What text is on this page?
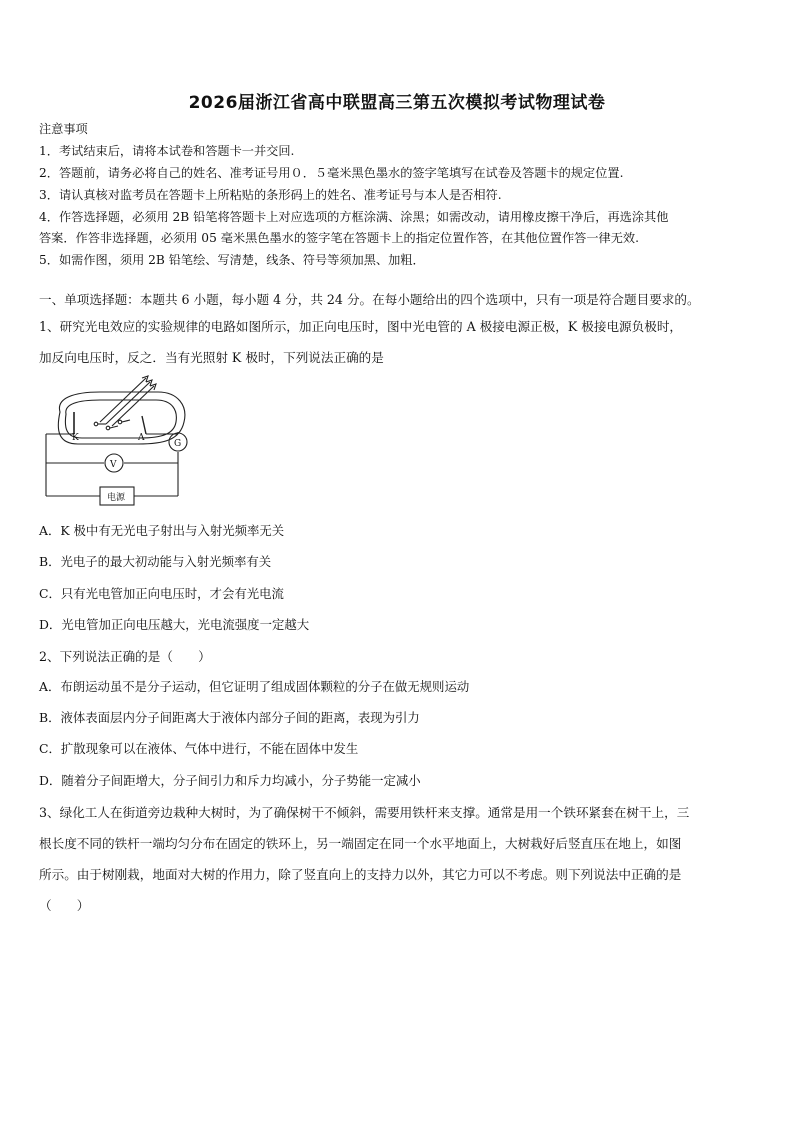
2026届浙江省高中联盟高三第五次模拟考试物理试卷
注意事项
1．考试结束后，请将本试卷和答题卡一并交回.
2．答题前，请务必将自己的姓名、准考证号用０．５毫米黑色墨水的签字笔填写在试卷及答题卡的规定位置.
3．请认真核对监考员在答题卡上所粘贴的条形码上的姓名、准考证号与本人是否相符.
4．作答选择题，必须用 2B 铅笔将答题卡上对应选项的方框涂满、涂黑；如需改动，请用橡皮擦干净后，再选涂其他
答案．作答非选择题，必须用 05 毫米黑色墨水的签字笔在答题卡上的指定位置作答，在其他位置作答一律无效.
5．如需作图，须用 2B 铅笔绘、写清楚，线条、符号等须加黑、加粗．
一、单项选择题：本题共 6 小题，每小题 4 分，共 24 分。在每小题给出的四个选项中，只有一项是符合题目要求的。
1、研究光电效应的实验规律的电路如图所示，加正向电压时，图中光电管的 A 极接电源正极，K 极接电源负极时，
加反向电压时，反之．当有光照射 K 极时，下列说法正确的是
K	A
G
V
电源
A．K 极中有无光电子射出与入射光频率无关
B．光电子的最大初动能与入射光频率有关
C．只有光电管加正向电压时，才会有光电流
D．光电管加正向电压越大，光电流强度一定越大
2、下列说法正确的是（　　）
A．布朗运动虽不是分子运动，但它证明了组成固体颗粒的分子在做无规则运动
B．液体表面层内分子间距离大于液体内部分子间的距离，表现为引力
C．扩散现象可以在液体、气体中进行，不能在固体中发生
D．随着分子间距增大，分子间引力和斥力均减小，分子势能一定减小
3、绿化工人在街道旁边栽种大树时，为了确保树干不倾斜，需要用铁杆来支撑。通常是用一个铁环紧套在树干上，三
根长度不同的铁杆一端均匀分布在固定的铁环上，另一端固定在同一个水平地面上，大树栽好后竖直压在地上，如图
所示。由于树刚栽，地面对大树的作用力，除了竖直向上的支持力以外，其它力可以不考虑。则下列说法中正确的是
（　　）
